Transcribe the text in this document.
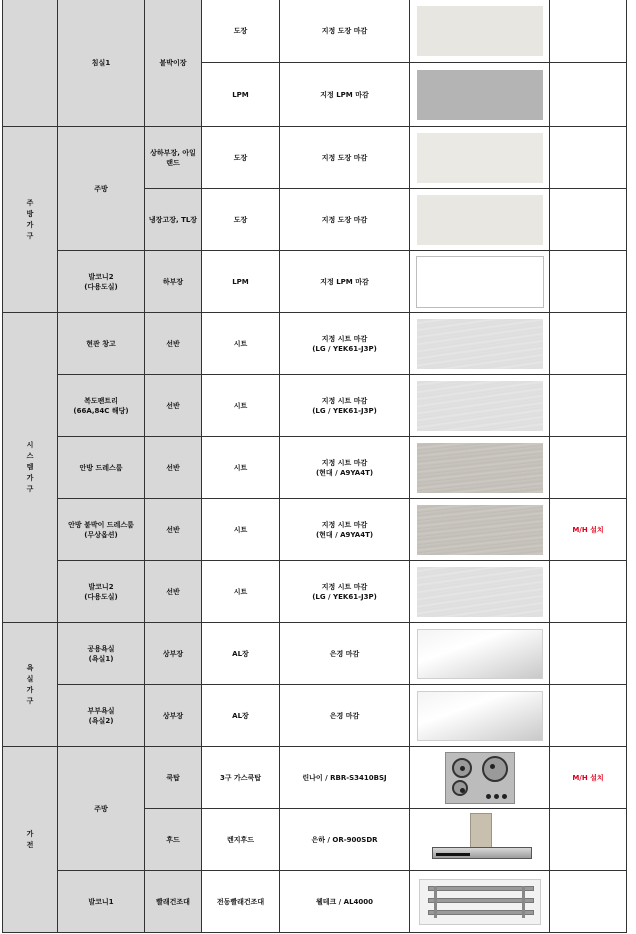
	침실1	붙박이장	도장	지정 도장 마감	

			LPM	지정 LPM 마감	

주
방
가
구	주방	상하부장, 아일랜드	도장	지정 도장 마감	

		냉장고장, TL장	도장	지정 도장 마감	

	발코니2
(다용도실)	하부장	LPM	지정 LPM 마감	

시
스
템
가
구	현관 창고	선반	시트	지정 시트 마감
(LG / YEK61-J3P)	

	복도팬트리
(66A,84C 해당)	선반	시트	지정 시트 마감
(LG / YEK61-J3P)	

	안방 드레스룸	선반	시트	지정 시트 마감
(현대 / A9YA4T)	

	안방 붙박이 드레스룸
(무상옵션)	선반	시트	지정 시트 마감
(현대 / A9YA4T)		M/H 설치
	발코니2
(다용도실)	선반	시트	지정 시트 마감
(LG / YEK61-J3P)	

욕
실
가
구	공용욕실
(욕실1)	상부장	AL장	은경 마감	

	부부욕실
(욕실2)	상부장	AL장	은경 마감	

가
전	주방	쿡탑	3구 가스쿡탑	린나이 / RBR-S3410BSJ		M/H 설치
		후드	렌지후드	은하 / OR-900SDR	

	발코니1	빨래건조대	전동빨래건조대	웰테크 / AL4000	
